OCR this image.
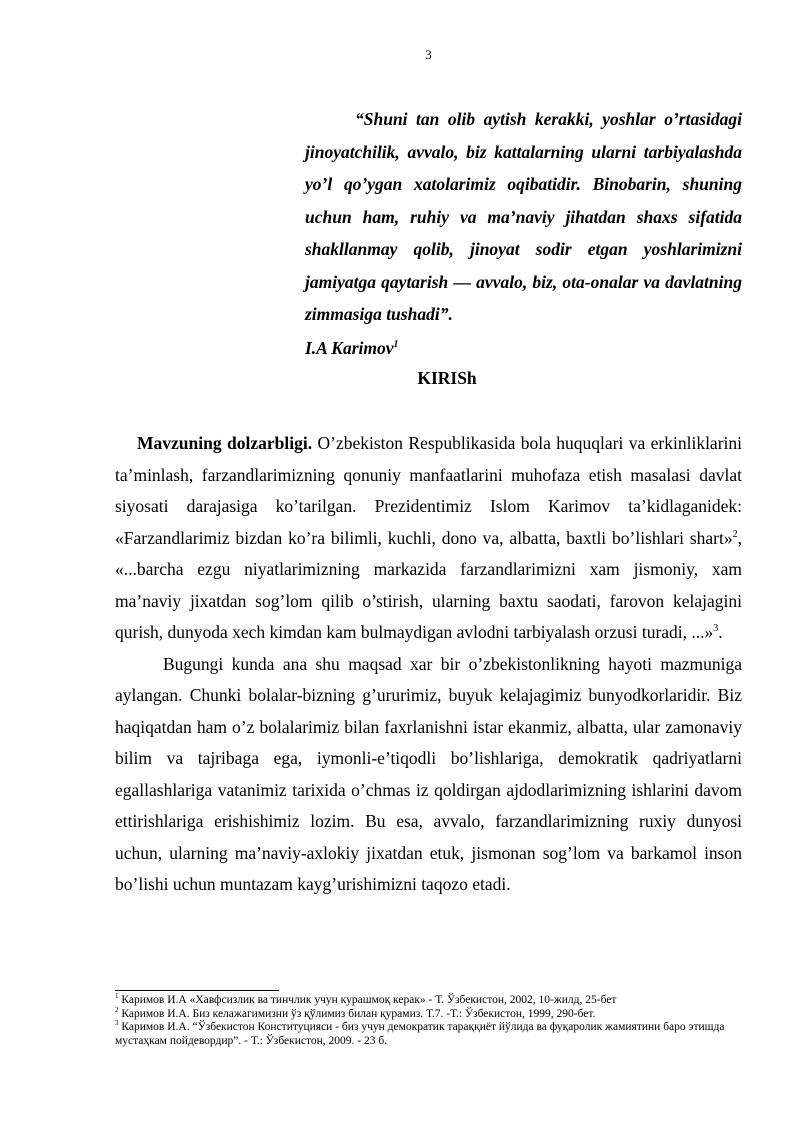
3

“Shuni tan olib aytish kerakki, yoshlar o’rtasidagi jinoyatchilik, avvalo, biz kattalarning ularni tarbiyalashda yo’l qo’ygan xatolarimiz oqibatidir. Binobarin, shuning uchun ham, ruhiy va ma’naviy jihatdan shaxs sifatida shakllanmay qolib, jinoyat sodir etgan yoshlarimizni jamiyatga qaytarish — avvalo, biz, ota-onalar va davlatning zimmasiga tushadi”.

I.A Karimov$^1$
KIRISh

Mavzuning dolzarbligi. O’zbekiston Respublikasida bola huquqlari va erkinliklarini ta’minlash, farzandlarimizning qonuniy manfaatlarini muhofaza etish masalasi davlat siyosati darajasiga ko’tarilgan. Prezidentimiz Islom Karimov ta’kidlaganidek: «Farzandlarimiz bizdan ko’ra bilimli, kuchli, dono va, albatta, baxtli bo’lishlari shart»$^2$, «...barcha ezgu niyatlarimizning markazida farzandlarimizni xam jismoniy, xam ma’naviy jixatdan sog’lom qilib o’stirish, ularning baxtu saodati, farovon kelajagini qurish, dunyoda xech kimdan kam bulmaydigan avlodni tarbiyalash orzusi turadi, ...»$^3$.

Bugungi kunda ana shu maqsad xar bir o’zbekistonlikning hayoti mazmuniga aylangan. Chunki bolalar-bizning g’ururimiz, buyuk kelajagimiz bunyodkorlaridir. Biz haqiqatdan ham o’z bolalarimiz bilan faxrlanishni istar ekanmiz, albatta, ular zamonaviy bilim va tajribaga ega, iymonli-e’tiqodli bo’lishlariga, demokratik qadriyatlarni egallashlariga vatanimiz tarixida o’chmas iz qoldirgan ajdodlarimizning ishlarini davom ettirishlariga erishishimiz lozim. Bu esa, avvalo, farzandlarimizning ruxiy dunyosi uchun, ularning ma’naviy-axlokiy jixatdan etuk, jismonan sog’lom va barkamol inson bo’lishi uchun muntazam kayg’urishimizni taqozo etadi.

$^1$ Каримов И.А «Хавфсизлик ва тинчлик учун курашмоқ керак» - Т. Ўзбекистон, 2002, 10-жилд, 25-бет
$^2$ Каримов И.А. Биз келажагимизни ўз қўлимиз билан қурамиз. Т.7. -Т.: Ўзбекистон, 1999, 290-бет.
$^3$ Каримов И.А. “Ўзбекистон Конституцияси - биз учун демократик тараққиёт йўлида ва фуқаролик жамиятини баро этишда мустаҳкам пойдевордир”. - Т.: Ўзбекистон, 2009. - 23 б.
